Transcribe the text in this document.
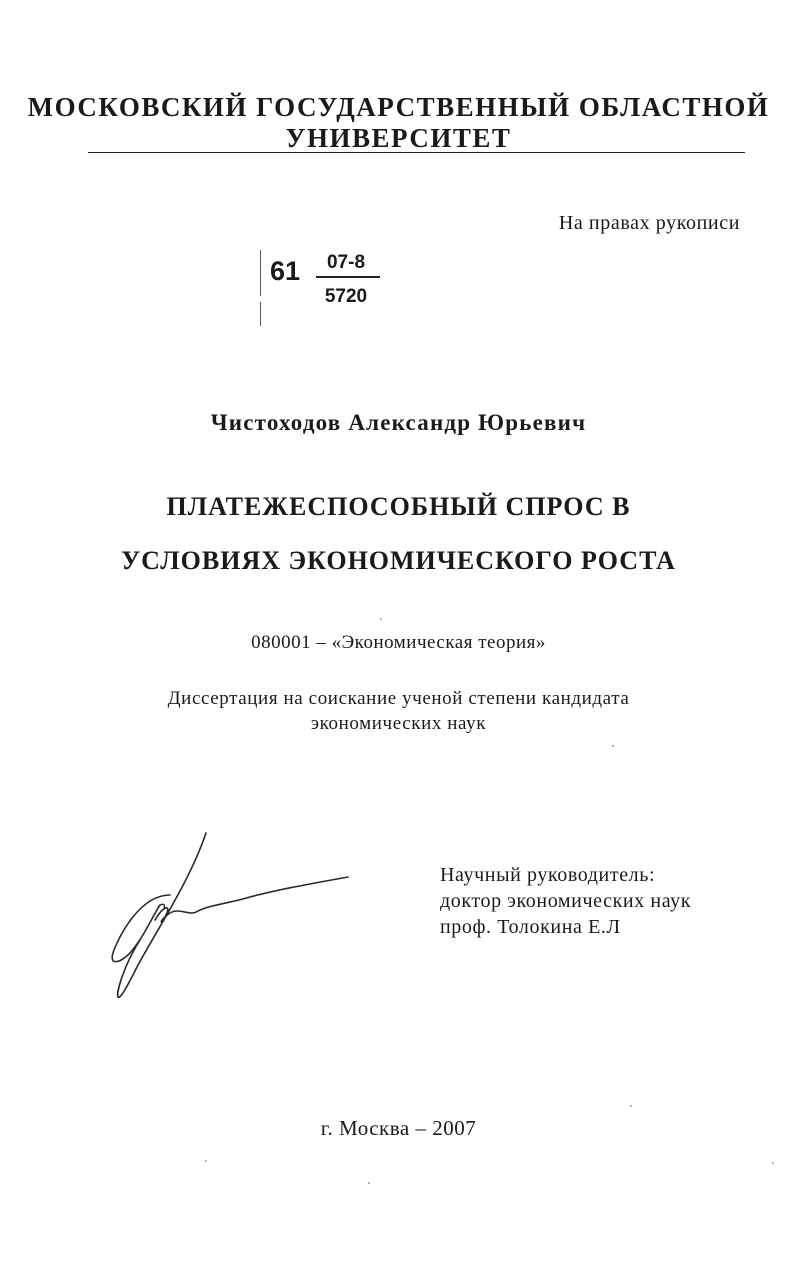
МОСКОВСКИЙ ГОСУДАРСТВЕННЫЙ ОБЛАСТНОЙ
УНИВЕРСИТЕТ
На правах рукописи
61	07-8
5720
Чистоходов Александр Юрьевич
ПЛАТЕЖЕСПОСОБНЫЙ СПРОС В
УСЛОВИЯХ ЭКОНОМИЧЕСКОГО РОСТА
080001 – «Экономическая теория»
Диссертация на соискание ученой степени кандидата
экономических наук
Научный руководитель:
доктор экономических наук
проф. Толокина Е.Л
г. Москва – 2007
